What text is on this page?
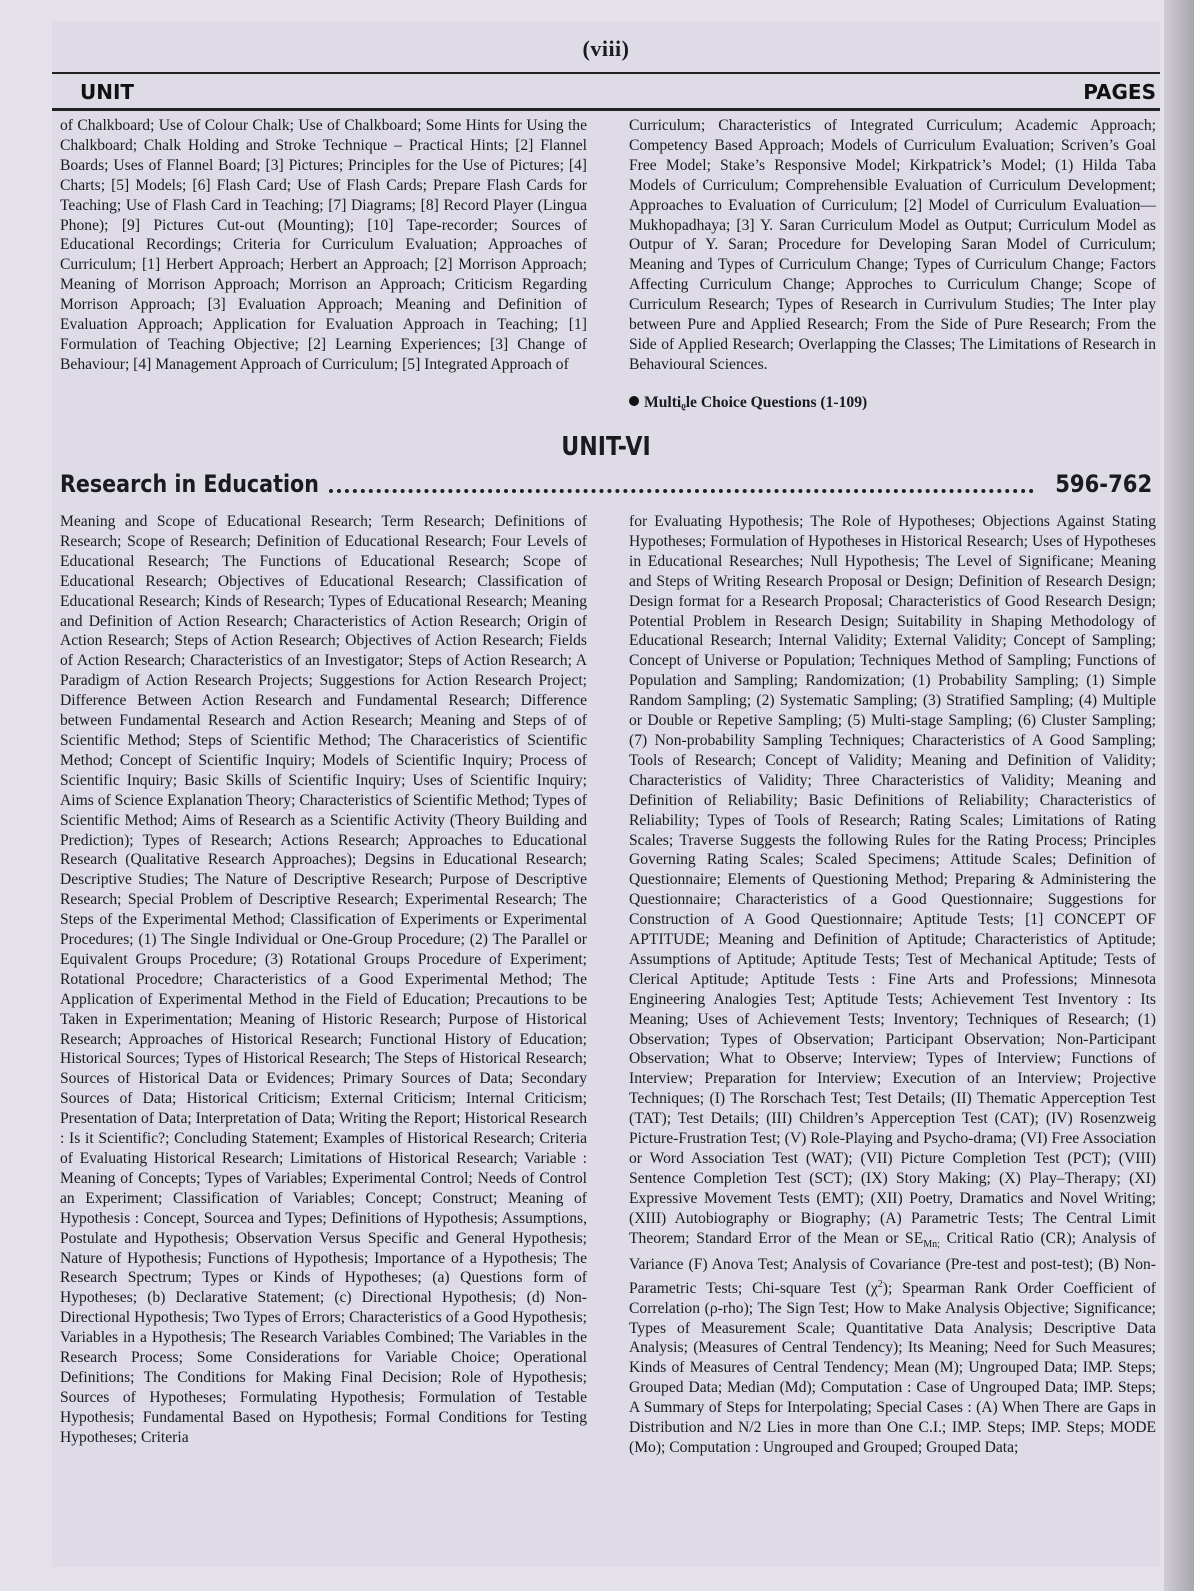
(viii)
UNIT	PAGES
of Chalkboard; Use of Colour Chalk; Use of Chalkboard; Some Hints for Using the Chalkboard; Chalk Holding and Stroke Technique – Practical Hints; [2] Flannel Boards; Uses of Flannel Board; [3] Pictures; Principles for the Use of Pictures; [4] Charts; [5] Models; [6] Flash Card; Use of Flash Cards; Prepare Flash Cards for Teaching; Use of Flash Card in Teaching; [7] Diagrams; [8] Record Player (Lingua Phone); [9] Pictures Cut-out (Mounting); [10] Tape-recorder; Sources of Educational Recordings; Criteria for Curriculum Evaluation; Approaches of Curriculum; [1] Herbert Approach; Herbert an Approach; [2] Morrison Approach; Meaning of Morrison Approach; Morrison an Approach; Criticism Regarding Morrison Approach; [3] Evaluation Approach; Meaning and Definition of Evaluation Approach; Application for Evaluation Approach in Teaching; [1] Formulation of Teaching Objective; [2] Learning Experiences; [3] Change of Behaviour; [4] Management Approach of Curriculum; [5] Integrated Approach of
Curriculum; Characteristics of Integrated Curriculum; Academic Approach; Competency Based Approach; Models of Curriculum Evaluation; Scriven’s Goal Free Model; Stake’s Responsive Model; Kirkpatrick’s Model; (1) Hilda Taba Models of Curriculum; Comprehensible Evaluation of Curriculum Development; Approaches to Evaluation of Curriculum; [2] Model of Curriculum Evaluation—Mukhopadhaya; [3] Y. Saran Curriculum Model as Output; Curriculum Model as Outpur of Y. Saran; Procedure for Developing Saran Model of Curriculum; Meaning and Types of Curriculum Change; Types of Curriculum Change; Factors Affecting Curriculum Change; Approches to Curriculum Change; Scope of Curriculum Research; Types of Research in Currivulum Studies; The Inter play between Pure and Applied Research; From the Side of Pure Research; From the Side of Applied Research; Overlapping the Classes; The Limitations of Research in Behavioural Sciences.
Multiᵨle Choice Questions (1-109)
UNIT-VI
Research in Education	596-762
Meaning and Scope of Educational Research; Term Research; Definitions of Research; Scope of Research; Definition of Educational Research; Four Levels of Educational Research; The Functions of Educational Research; Scope of Educational Research; Objectives of Educational Research; Classification of Educational Research; Kinds of Research; Types of Educational Research; Meaning and Definition of Action Research; Characteristics of Action Research; Origin of Action Research; Steps of Action Research; Objectives of Action Research; Fields of Action Research; Characteristics of an Investigator; Steps of Action Research; A Paradigm of Action Research Projects; Suggestions for Action Research Project; Difference Between Action Research and Fundamental Research; Difference between Fundamental Research and Action Research; Meaning and Steps of of Scientific Method; Steps of Scientific Method; The Characeristics of Scientific Method; Concept of Scientific Inquiry; Models of Scientific Inquiry; Process of Scientific Inquiry; Basic Skills of Scientific Inquiry; Uses of Scientific Inquiry; Aims of Science Explanation Theory; Characteristics of Scientific Method; Types of Scientific Method; Aims of Research as a Scientific Activity (Theory Building and Prediction); Types of Research; Actions Research; Approaches to Educational Research (Qualitative Research Approaches); Degsins in Educational Research; Descriptive Studies; The Nature of Descriptive Research; Purpose of Descriptive Research; Special Problem of Descriptive Research; Experimental Research; The Steps of the Experimental Method; Classification of Experiments or Experimental Procedures; (1) The Single Individual or One-Group Procedure; (2) The Parallel or Equivalent Groups Procedure; (3) Rotational Groups Procedure of Experiment; Rotational Procedʋre; Characteristics of a Good Experimental Method; The Application of Experimental Method in the Field of Education; Precautions to be Taken in Experimentation; Meaning of Historic Research; Purpose of Historical Research; Approaches of Historical Research; Functional History of Education; Historical Sources; Types of Historical Research; The Steps of Historical Research; Sources of Historical Data or Evidences; Primary Sources of Data; Secondary Sources of Data; Historical Criticism; External Criticism; Internal Criticism; Presentation of Data; Interpretation of Data; Writing the Report; Historical Research : Is it Scientific?; Concluding Statement; Examples of Historical Research; Criteria of Evaluating Historical Research; Limitations of Historical Research; Variable : Meaning of Concepts; Types of Variables; Experimental Control; Needs of Control an Experiment; Classification of Variables; Concept; Construct; Meaning of Hypothesis : Concept, Sourcea and Types; Definitions of Hypothesis; Assumptions, Postulate and Hypothesis; Observation Versus Specific and General Hypothesis; Nature of Hypothesis; Functions of Hypothesis; Importance of a Hypothesis; The Research Spectrum; Types or Kinds of Hypotheses; (a) Questions form of Hypotheses; (b) Declarative Statement; (c) Directional Hypothesis; (d) Non-Directional Hypothesis; Two Types of Errors; Characteristics of a Good Hypothesis; Variables in a Hypothesis; The Research Variables Combined; The Variables in the Research Process; Some Considerations for Variable Choice; Operational Definitions; The Conditions for Making Final Decision; Role of Hypothesis; Sources of Hypotheses; Formulating Hypothesis; Formulation of Testable Hypothesis; Fundamental Based on Hypothesis; Formal Conditions for Testing Hypotheses; Criteria
for Evaluating Hypothesis; The Role of Hypotheses; Objections Against Stating Hypotheses; Formulation of Hypotheses in Historical Research; Uses of Hypotheses in Educational Researches; Null Hypothesis; The Level of Significane; Meaning and Steps of Writing Research Proposal or Design; Definition of Research Design; Design format for a Research Proposal; Characteristics of Good Research Design; Potential Problem in Research Design; Suitability in Shaping Methodology of Educational Research; Internal Validity; External Validity; Concept of Sampling; Concept of Universe or Population; Techniques Method of Sampling; Functions of Population and Sampling; Randomization; (1) Probability Sampling; (1) Simple Random Sampling; (2) Systematic Sampling; (3) Stratified Sampling; (4) Multiple or Double or Repetive Sampling; (5) Multi-stage Sampling; (6) Cluster Sampling; (7) Non-probability Sampling Techniques; Characteristics of A Good Sampling; Tools of Research; Concept of Validity; Meaning and Definition of Validity; Characteristics of Validity; Three Characteristics of Validity; Meaning and Definition of Reliability; Basic Definitions of Reliability; Characteristics of Reliability; Types of Tools of Research; Rating Scales; Limitations of Rating Scales; Traverse Suggests the following Rules for the Rating Process; Principles Governing Rating Scales; Scaled Specimens; Attitude Scales; Definition of Questionnaire; Elements of Questioning Method; Preparing & Administering the Questionnaire; Characteristics of a Good Questionnaire; Suggestions for Construction of A Good Questionnaire; Aptitude Tests; [1] CONCEPT OF APTITUDE; Meaning and Definition of Aptitude; Characteristics of Aptitude; Assumptions of Aptitude; Aptitude Tests; Test of Mechanical Aptitude; Tests of Clerical Aptitude; Aptitude Tests : Fine Arts and Professions; Minnesota Engineering Analogies Test; Aptitude Tests; Achievement Test Inventory : Its Meaning; Uses of Achievement Tests; Inventory; Techniques of Research; (1) Observation; Types of Observation; Participant Observation; Non-Participant Observation; What to Observe; Interview; Types of Interview; Functions of Interview; Preparation for Interview; Execution of an Interview; Projective Techniques; (I) The Rorschach Test; Test Details; (II) Thematic Apperception Test (TAT); Test Details; (III) Children’s Apperception Test (CAT); (IV) Rosenzweig Picture-Frustration Test; (V) Role-Playing and Psycho-drama; (VI) Free Association or Word Association Test (WAT); (VII) Picture Completion Test (PCT); (VIII) Sentence Completion Test (SCT); (IX) Story Making; (X) Play–Therapy; (XI) Expressive Movement Tests (EMT); (XII) Poetry, Dramatics and Novel Writing; (XIII) Autobiography or Biography; (A) Parametric Tests; The Central Limit Theorem; Standard Error of the Mean or $SE_{Mn;}$ Critical Ratio (CR); Analysis of Variance (F) Anova Test; Analysis of Covariance (Pre-test and post-test); (B) Non-Parametric Tests; Chi-square Test $(\chi^2)$; Spearman Rank Order Coefficient of Correlation (ρ-rho); The Sign Test; How to Make Analysis Objective; Significance; Types of Measurement Scale; Quantitative Data Analysis; Descriptive Data Analysis; (Measures of Central Tendency); Its Meaning; Need for Such Measures; Kinds of Measures of Central Tendency; Mean (M); Ungrouped Data; IMP. Steps; Grouped Data; Median (Md); Computation : Case of Ungrouped Data; IMP. Steps; A Summary of Steps for Interpolating; Special Cases : (A) When There are Gaps in Distribution and N/2 Lies in more than One C.I.; IMP. Steps; IMP. Steps; MODE (Mo); Computation : Ungrouped and Grouped; Grouped Data;
